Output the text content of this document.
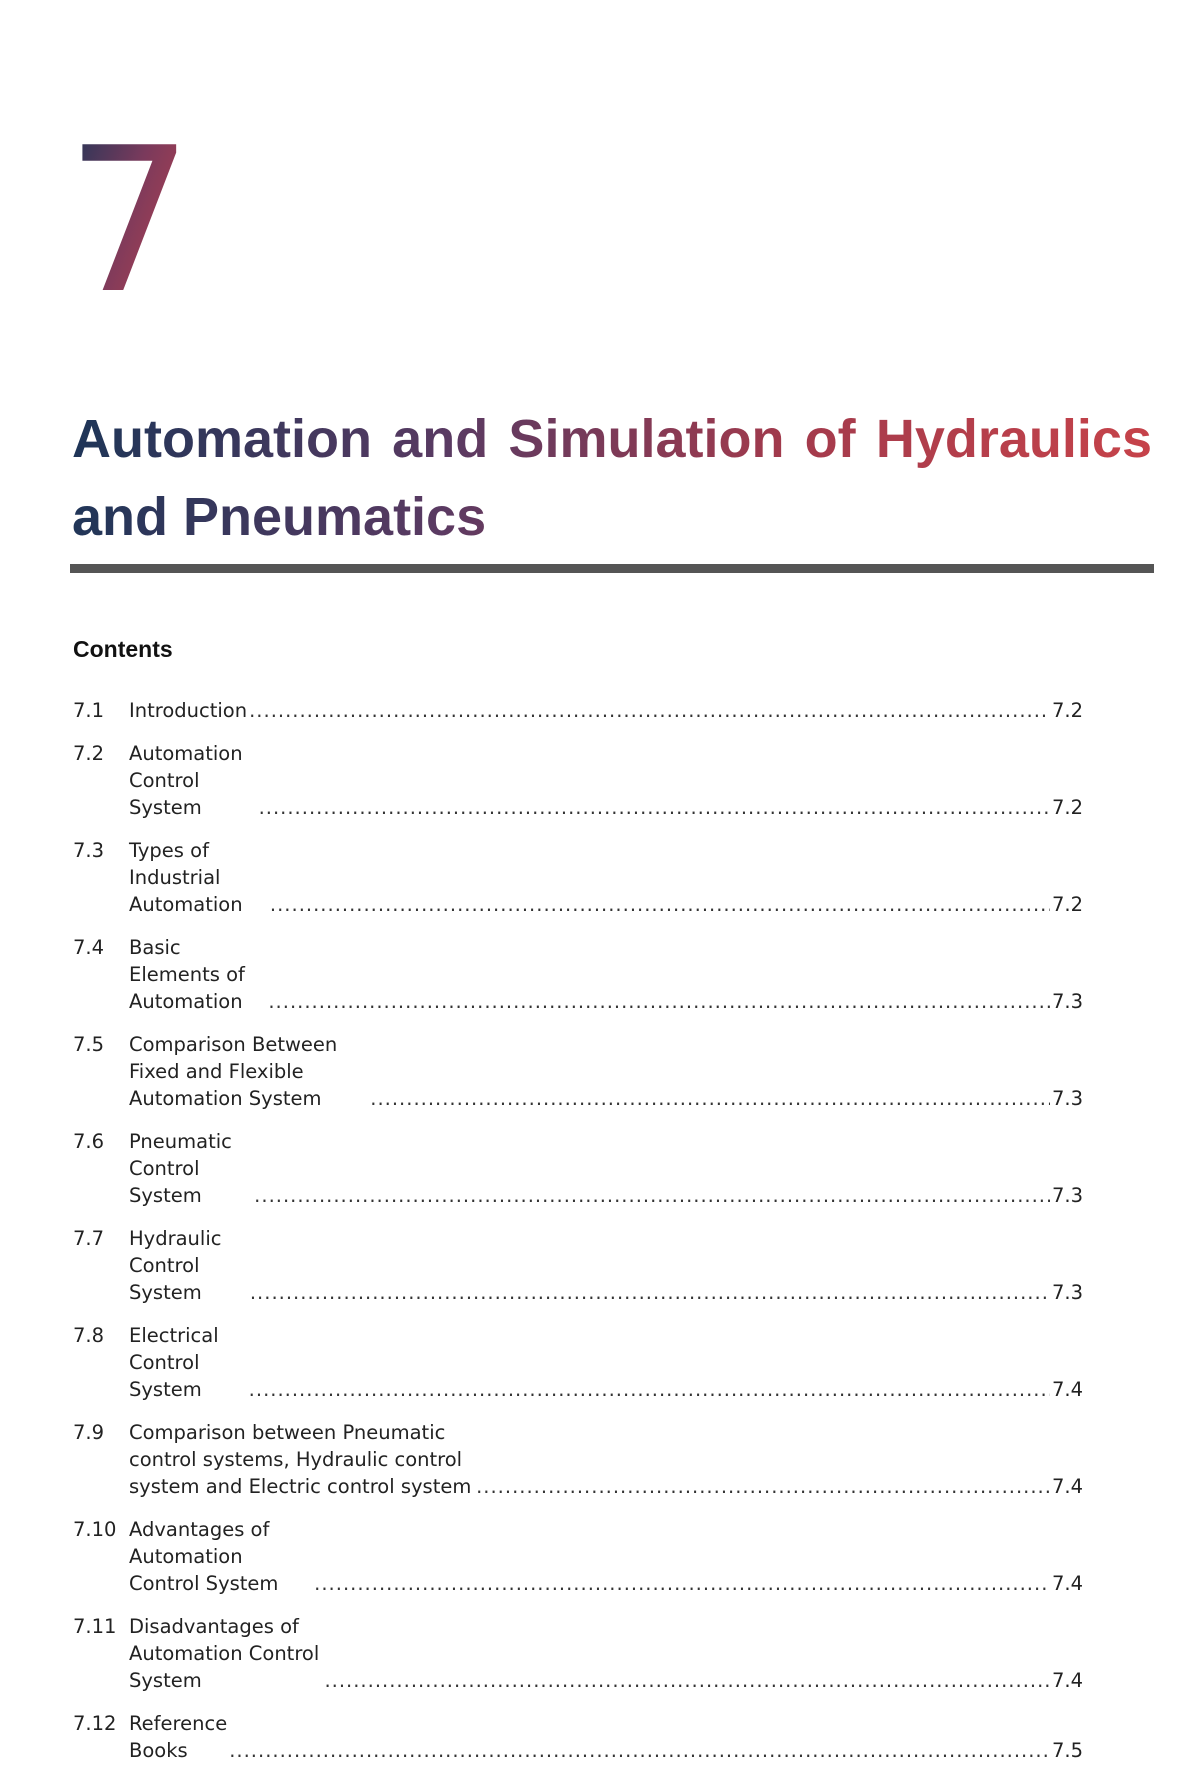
7
Automation and Simulation of Hydraulics and Pneumatics
Contents
7.1	Introduction .....	7.2
7.2	Automation Control System .....	7.2
7.3	Types of Industrial Automation .....	7.2
7.4	Basic Elements of Automation .....	7.3
7.5	Comparison Between Fixed and Flexible Automation System .....	7.3
7.6	Pneumatic Control System .....	7.3
7.7	Hydraulic Control System .....	7.3
7.8	Electrical Control System .....	7.4
7.9	Comparison between Pneumatic control systems, Hydraulic control system and Electric control system .....	7.4
7.10 Advantages of Automation Control System .....	7.4
7.11 Disadvantages of Automation Control System .....	7.4
7.12 Reference Books .....	7.5
